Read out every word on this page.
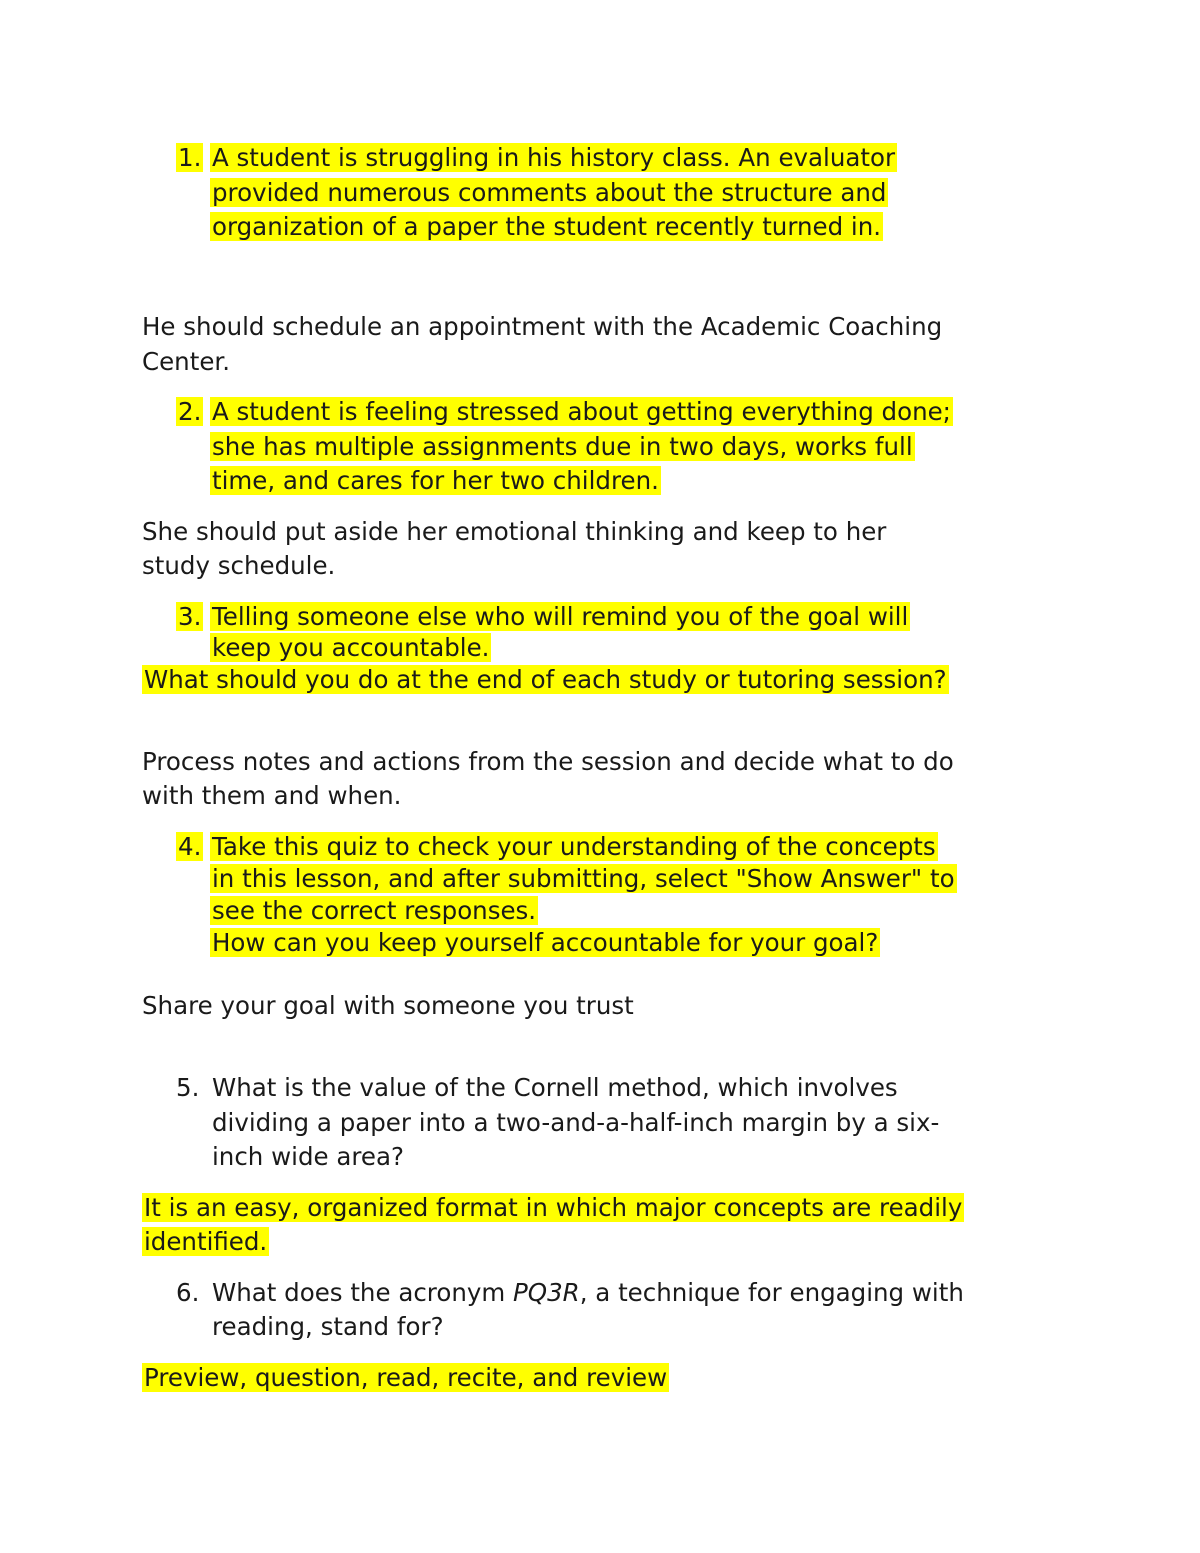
1. A student is struggling in his history class. An evaluator
provided numerous comments about the structure and
organization of a paper the student recently turned in.
He should schedule an appointment with the Academic Coaching
Center.
2. A student is feeling stressed about getting everything done;
she has multiple assignments due in two days, works full
time, and cares for her two children.
She should put aside her emotional thinking and keep to her
study schedule.
3. Telling someone else who will remind you of the goal will
keep you accountable.
What should you do at the end of each study or tutoring session?
Process notes and actions from the session and decide what to do
with them and when.
4. Take this quiz to check your understanding of the concepts
in this lesson, and after submitting, select "Show Answer" to
see the correct responses.
How can you keep yourself accountable for your goal?
Share your goal with someone you trust
5. What is the value of the Cornell method, which involves
dividing a paper into a two-and-a-half-inch margin by a six-
inch wide area?
It is an easy, organized format in which major concepts are readily
identified.
6. What does the acronym PQ3R, a technique for engaging with
reading, stand for?
Preview, question, read, recite, and review
